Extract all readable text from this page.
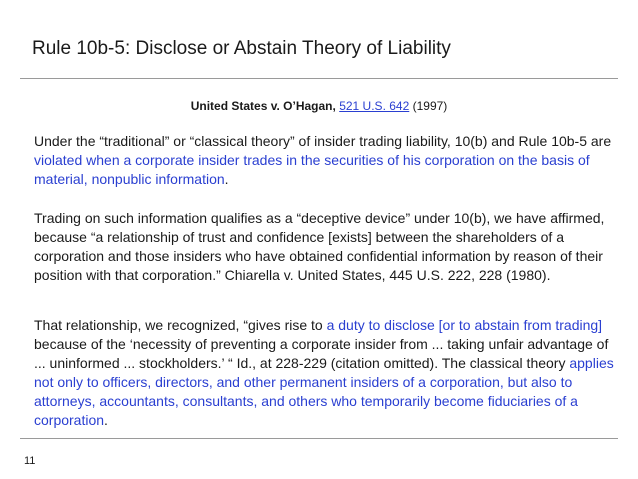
Rule 10b-5: Disclose or Abstain Theory of Liability
United States v. O’Hagan, 521 U.S. 642 (1997)
Under the “traditional” or “classical theory” of insider trading liability, 10(b) and Rule 10b-5 are violated when a corporate insider trades in the securities of his corporation on the basis of material, nonpublic information.
Trading on such information qualifies as a “deceptive device” under 10(b), we have affirmed, because “a relationship of trust and confidence [exists] between the shareholders of a corporation and those insiders who have obtained confidential information by reason of their position with that corporation.” Chiarella v. United States, 445 U.S. 222, 228 (1980).
That relationship, we recognized, “gives rise to a duty to disclose [or to abstain from trading] because of the ‘necessity of preventing a corporate insider from ... taking unfair advantage of ... uninformed ... stockholders.’ “ Id., at 228-229 (citation omitted). The classical theory applies not only to officers, directors, and other permanent insiders of a corporation, but also to attorneys, accountants, consultants, and others who temporarily become fiduciaries of a corporation.
11
